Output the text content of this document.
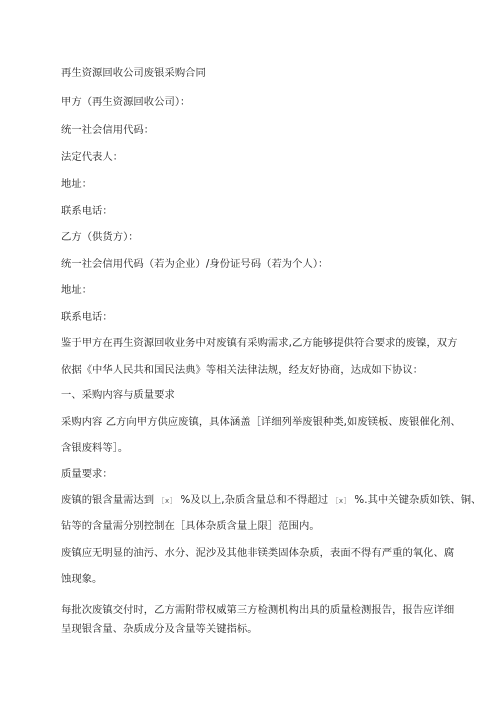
再生资源回收公司废银采购合同
甲方（再生资源回收公司）：
统一社会信用代码：
法定代表人：
地址：
联系电话：
乙方（供货方）：
统一社会信用代码（若为企业）/身份证号码（若为个人）：
地址：
联系电话：
鉴于甲方在再生资源回收业务中对废镇有采购需求,乙方能够提供符合要求的废镍，双方
依据《中华人民共和国民法典》等相关法律法规，经友好协商，达成如下协议：
一、采购内容与质量要求
采购内容 乙方向甲方供应废镇，具体涵盖［详细列举废银种类,如废镁板、废银催化剂、
含银废料等］。
质量要求：
废镇的银含量需达到 ［x］ %及以上,杂质含量总和不得超过 ［x］ %.其中关键杂质如铁、铜、
钻等的含量需分别控制在［具体杂质含量上限］范围内。
废镇应无明显的油污、水分、泥沙及其他非镁类固体杂质，表面不得有严重的氧化、腐
蚀现象。
每批次废镇交付时，乙方需附带权威第三方检测机构出具的质量检测报告，报告应详细
呈现银含量、杂质成分及含量等关键指标。
